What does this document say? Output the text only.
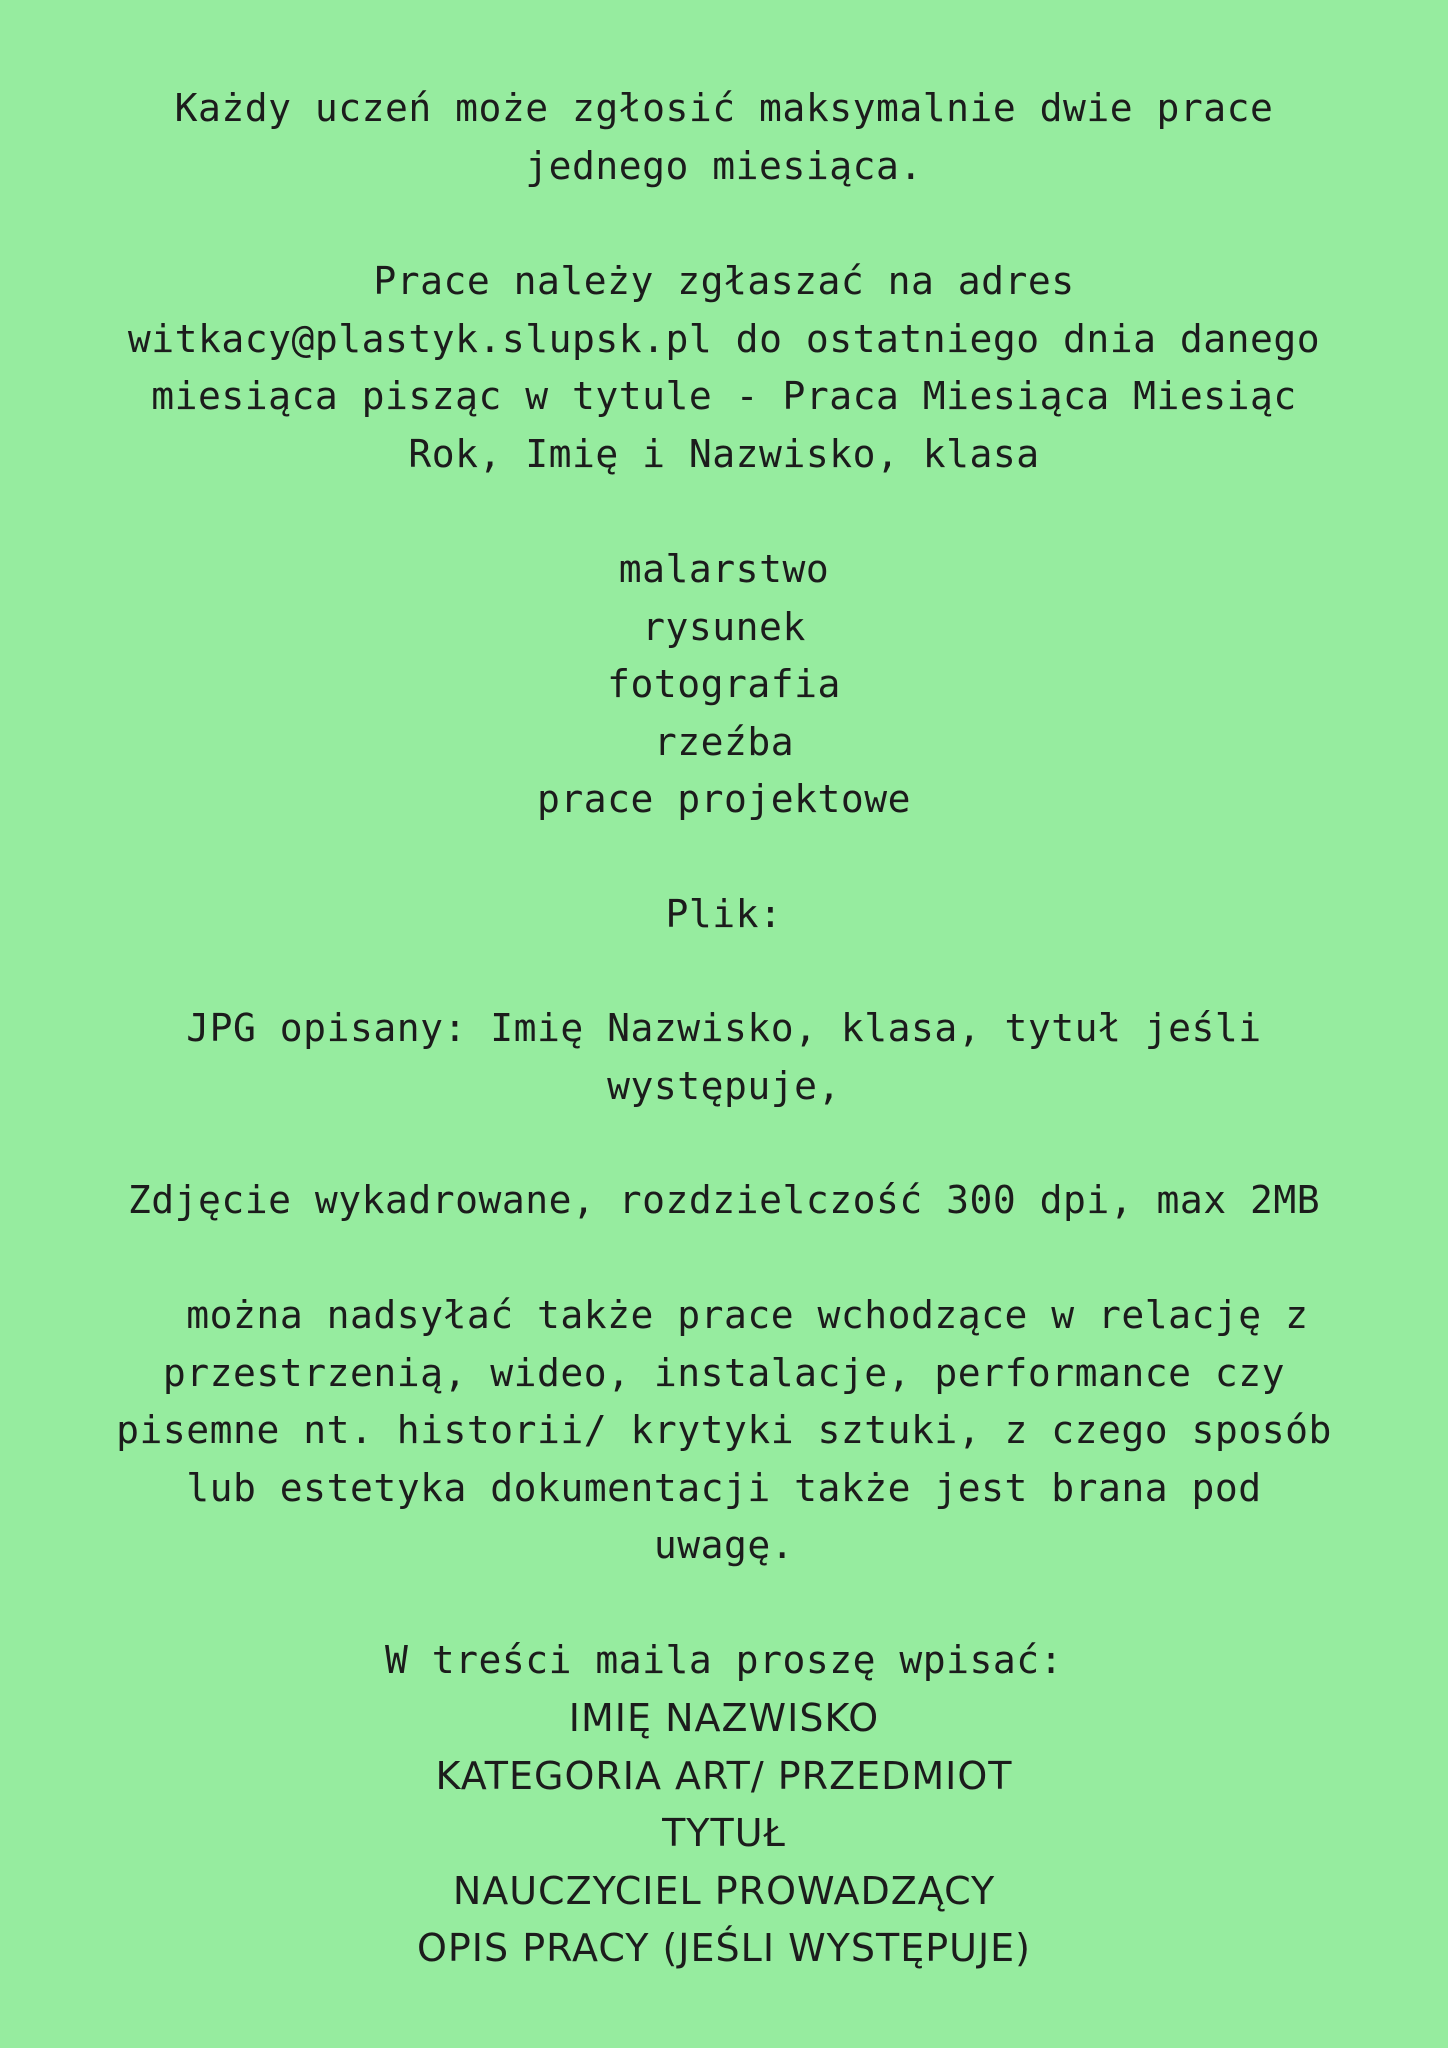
Każdy uczeń może zgłosić maksymalnie dwie prace
jednego miesiąca.
Prace należy zgłaszać na adres
witkacy@plastyk.slupsk.pl do ostatniego dnia danego
miesiąca pisząc w tytule - Praca Miesiąca Miesiąc
Rok, Imię i Nazwisko, klasa
malarstwo
rysunek
fotografia
rzeźba
prace projektowe
Plik:
JPG opisany: Imię Nazwisko, klasa, tytuł jeśli
występuje,
Zdjęcie wykadrowane, rozdzielczość 300 dpi, max 2MB
można nadsyłać także prace wchodzące w relację z
przestrzenią, wideo, instalacje, performance czy
pisemne nt. historii/ krytyki sztuki, z czego sposób
lub estetyka dokumentacji także jest brana pod
uwagę.
W treści maila proszę wpisać:
IMIĘ NAZWISKO
KATEGORIA ART/ PRZEDMIOT
TYTUŁ
NAUCZYCIEL PROWADZĄCY
OPIS PRACY (JEŚLI WYSTĘPUJE)
